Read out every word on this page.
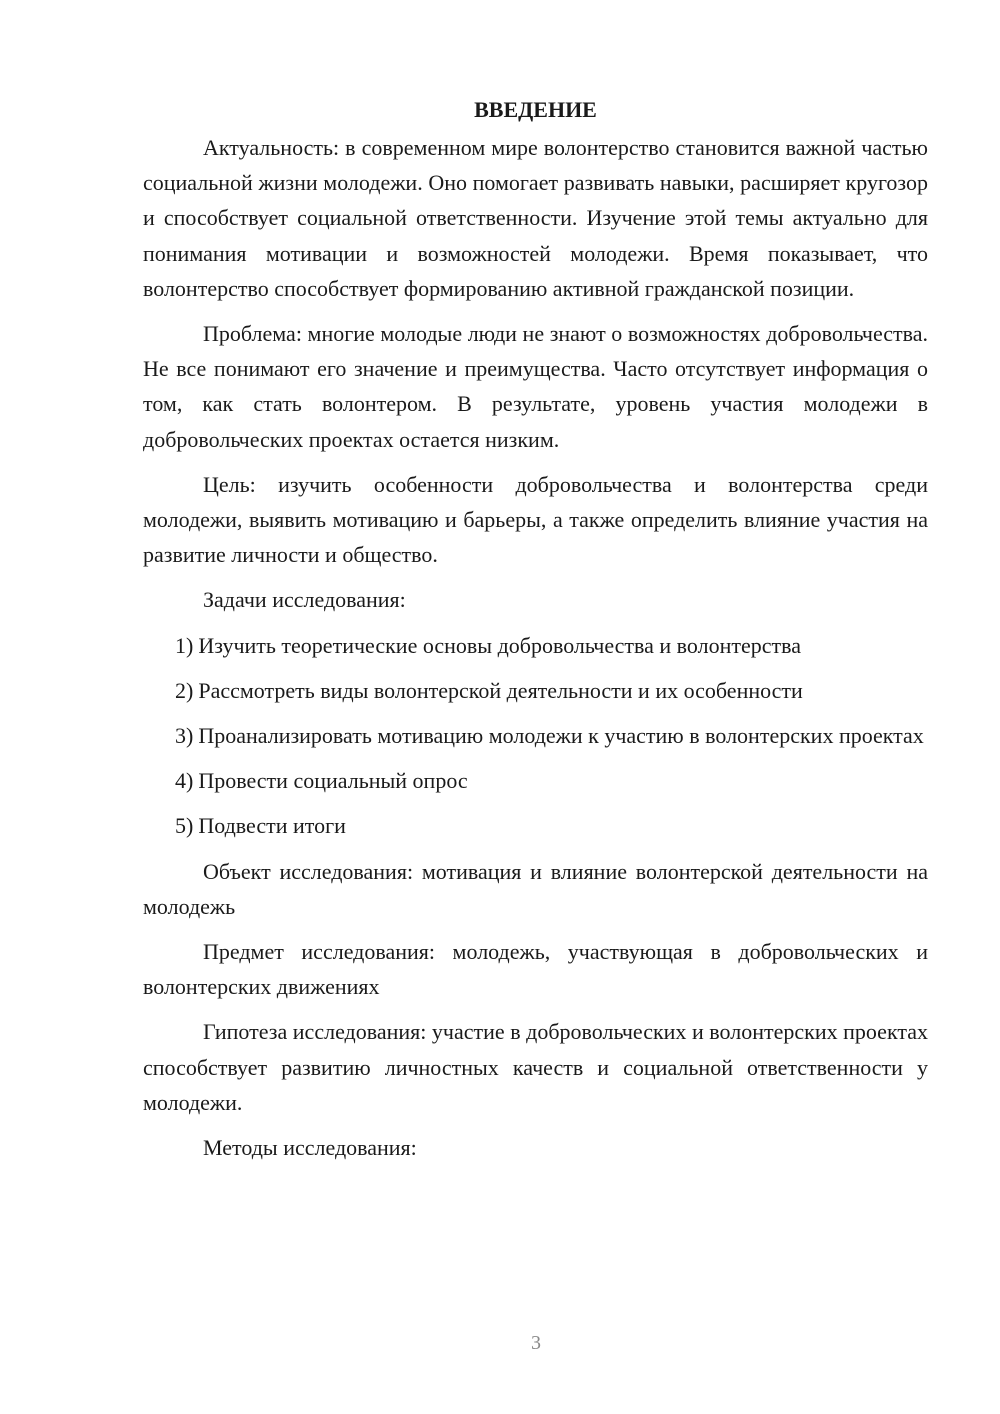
ВВЕДЕНИЕ

Актуальность: в современном мире волонтерство становится важной частью социальной жизни молодежи. Оно помогает развивать навыки, расширяет кругозор и способствует социальной ответственности. Изучение этой темы актуально для понимания мотивации и возможностей молодежи. Время показывает, что волонтерство способствует формированию активной гражданской позиции.

Проблема: многие молодые люди не знают о возможностях добровольчества. Не все понимают его значение и преимущества. Часто отсутствует информация о том, как стать волонтером. В результате, уровень участия молодежи в добровольческих проектах остается низким.

Цель: изучить особенности добровольчества и волонтерства среди молодежи, выявить мотивацию и барьеры, а также определить влияние участия на развитие личности и общество.

Задачи исследования:

1) Изучить теоретические основы добровольчества и волонтерства

2) Рассмотреть виды волонтерской деятельности и их особенности

3) Проанализировать мотивацию молодежи к участию в волонтерских проектах

4) Провести социальный опрос

5) Подвести итоги

Объект исследования: мотивация и влияние волонтерской деятельности на молодежь

Предмет исследования: молодежь, участвующая в добровольческих и волонтерских движениях

Гипотеза исследования: участие в добровольческих и волонтерских проектах способствует развитию личностных качеств и социальной ответственности у молодежи.

Методы исследования:

3
